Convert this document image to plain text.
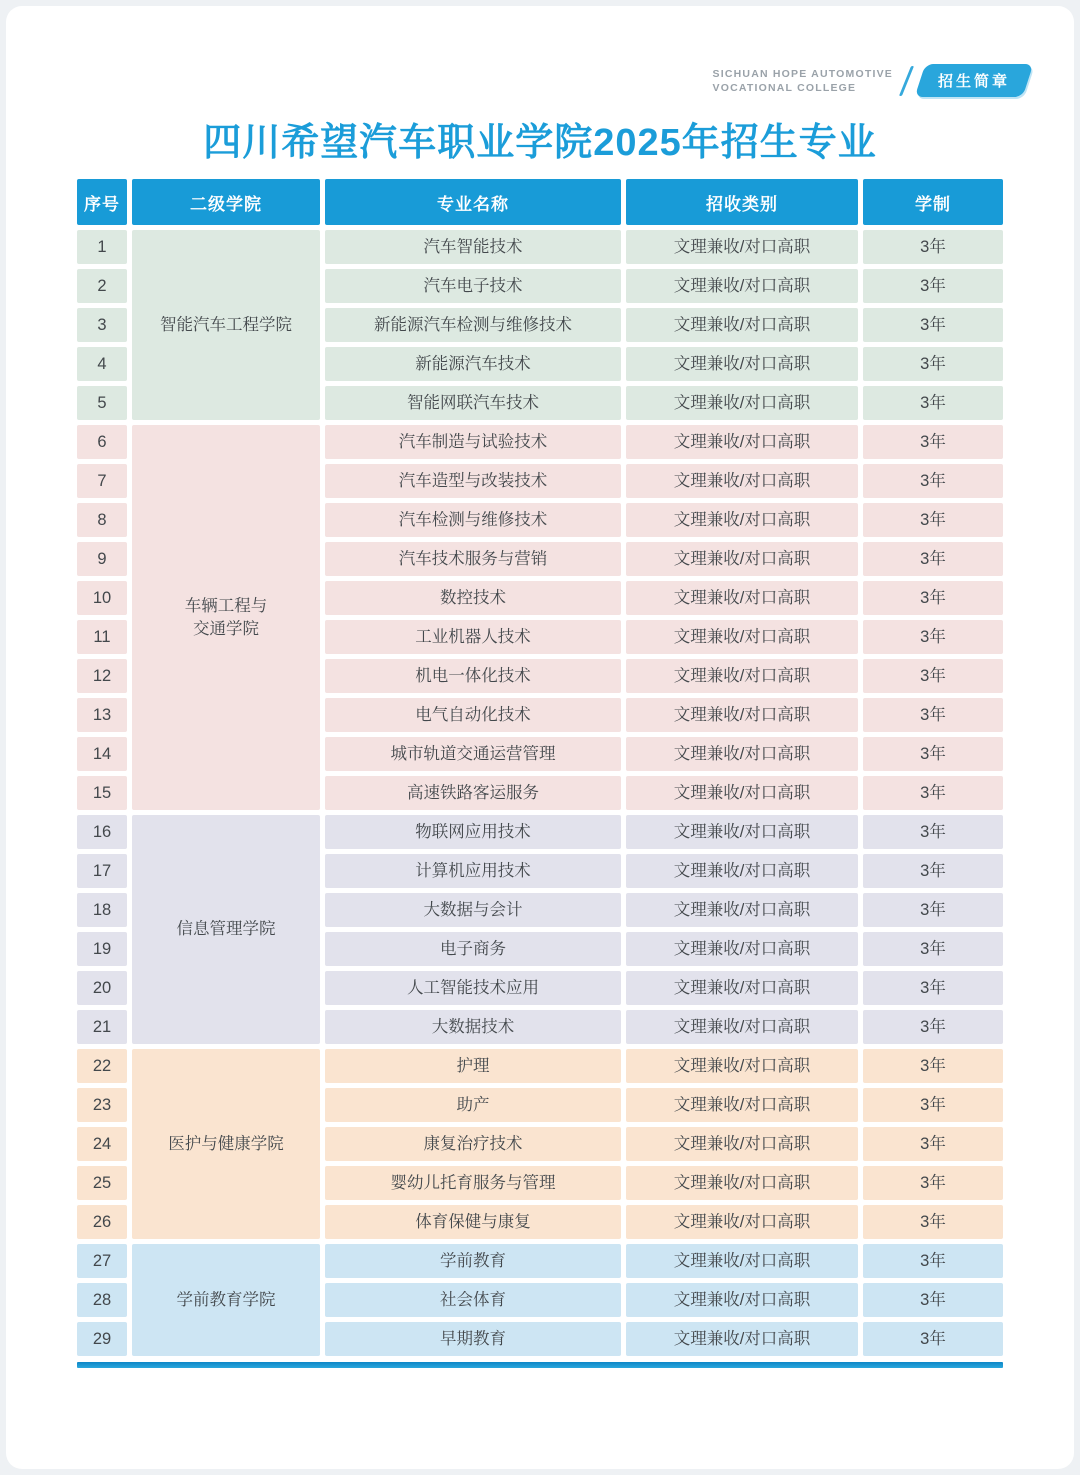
SICHUAN HOPE AUTOMOTIVE
VOCATIONAL COLLEGE	招生简章
四川希望汽车职业学院2025年招生专业
序号	二级学院	专业名称	招收类别	学制
1	智能汽车工程学院	汽车智能技术	文理兼收/对口高职	3年
2		汽车电子技术	文理兼收/对口高职	3年
3		新能源汽车检测与维修技术	文理兼收/对口高职	3年
4		新能源汽车技术	文理兼收/对口高职	3年
5		智能网联汽车技术	文理兼收/对口高职	3年
6	车辆工程与
交通学院	汽车制造与试验技术	文理兼收/对口高职	3年
7		汽车造型与改装技术	文理兼收/对口高职	3年
8		汽车检测与维修技术	文理兼收/对口高职	3年
9		汽车技术服务与营销	文理兼收/对口高职	3年
10		数控技术	文理兼收/对口高职	3年
11		工业机器人技术	文理兼收/对口高职	3年
12		机电一体化技术	文理兼收/对口高职	3年
13		电气自动化技术	文理兼收/对口高职	3年
14		城市轨道交通运营管理	文理兼收/对口高职	3年
15		高速铁路客运服务	文理兼收/对口高职	3年
16	信息管理学院	物联网应用技术	文理兼收/对口高职	3年
17		计算机应用技术	文理兼收/对口高职	3年
18		大数据与会计	文理兼收/对口高职	3年
19		电子商务	文理兼收/对口高职	3年
20		人工智能技术应用	文理兼收/对口高职	3年
21		大数据技术	文理兼收/对口高职	3年
22	医护与健康学院	护理	文理兼收/对口高职	3年
23		助产	文理兼收/对口高职	3年
24		康复治疗技术	文理兼收/对口高职	3年
25		婴幼儿托育服务与管理	文理兼收/对口高职	3年
26		体育保健与康复	文理兼收/对口高职	3年
27	学前教育学院	学前教育	文理兼收/对口高职	3年
28		社会体育	文理兼收/对口高职	3年
29		早期教育	文理兼收/对口高职	3年
